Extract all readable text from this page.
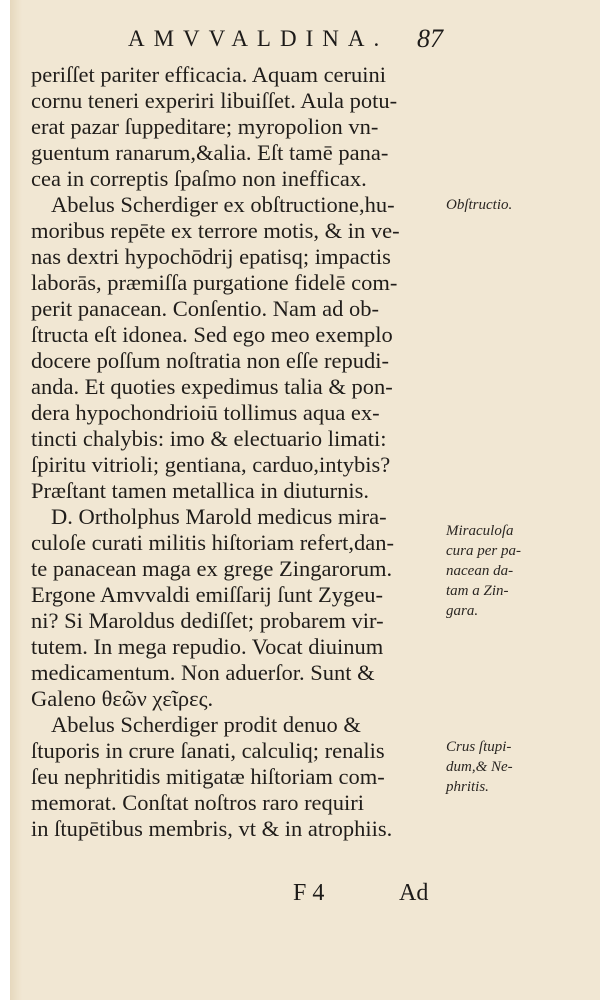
AMVVALDINA. 87
periſſet pariter efficacia. Aquam ceruini
cornu teneri experiri libuiſſet. Aula potu-
erat pazar ſuppeditare; myropolion vn-
guentum ranarum,&alia. Eſt tamē pana-
cea in correptis ſpaſmo non inefficax.
Abelus Scherdiger ex obſtructione,hu-
moribus repēte ex terrore motis, & in ve-
nas dextri hypochōdrij epatisq; impactis
laborās, præmiſſa purgatione fidelē com-
perit panacean. Conſentio. Nam ad ob-
ſtructa eſt idonea. Sed ego meo exemplo
docere poſſum noſtratia non eſſe repudi-
anda. Et quoties expedimus talia & pon-
dera hypochondrioiū tollimus aqua ex-
tincti chalybis: imo & electuario limati:
ſpiritu vitrioli; gentiana, carduo,intybis?
Præſtant tamen metallica in diuturnis.
D. Ortholphus Marold medicus mira-
culoſe curati militis hiſtoriam refert,dan-
te panacean maga ex grege Zingarorum.
Ergone Amvvaldi emiſſarij ſunt Zygeu-
ni? Si Maroldus dediſſet; probarem vir-
tutem. In mega repudio. Vocat diuinum
medicamentum. Non aduerſor. Sunt &
Galeno θεῶν χεῖρες.
Abelus Scherdiger prodit denuo &
ſtuporis in crure ſanati, calculiq; renalis
ſeu nephritidis mitigatæ hiſtoriam com-
memorat. Conſtat noſtros raro requiri
in ſtupētibus membris, vt & in atrophiis.
Obſtructio.
Miraculoſa
cura per pa-
nacean da-
tam a Zin-
gara.
Crus ſtupi-
dum,& Ne-
phritis.
F 4	Ad
